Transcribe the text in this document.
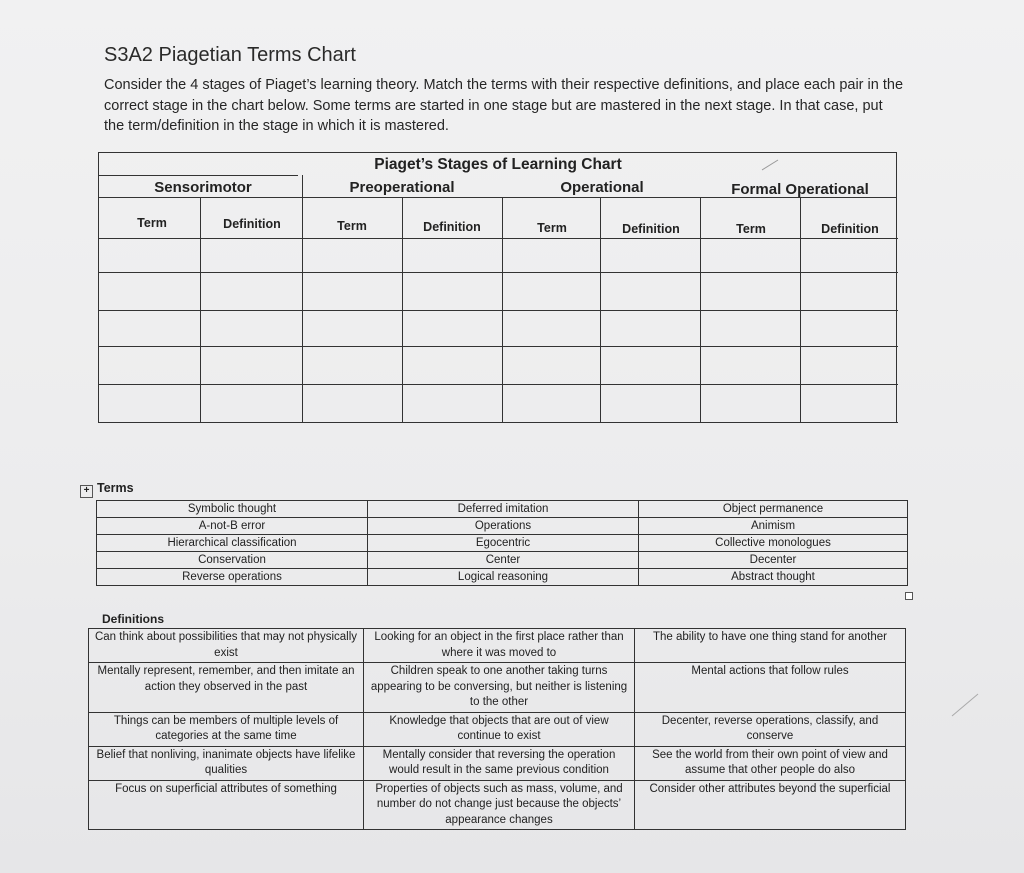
S3A2 Piagetian Terms Chart
Consider the 4 stages of Piaget’s learning theory. Match the terms with their respective definitions, and place each pair in the correct stage in the chart below. Some terms are started in one stage but are mastered in the next stage. In that case, put the term/definition in the stage in which it is mastered.
Piaget’s Stages of Learning Chart
Sensorimotor	Preoperational	Operational	Formal Operational
Term	Definition	Term	Definition	Term	Definition	Term	Definition
+ Terms
Symbolic thought	Deferred imitation	Object permanence
A-not-B error	Operations	Animism
Hierarchical classification	Egocentric	Collective monologues
Conservation	Center	Decenter
Reverse operations	Logical reasoning	Abstract thought
Definitions
Can think about possibilities that may not physically exist	Looking for an object in the first place rather than where it was moved to	The ability to have one thing stand for another
Mentally represent, remember, and then imitate an action they observed in the past	Children speak to one another taking turns appearing to be conversing, but neither is listening to the other	Mental actions that follow rules
Things can be members of multiple levels of categories at the same time	Knowledge that objects that are out of view continue to exist	Decenter, reverse operations, classify, and conserve
Belief that nonliving, inanimate objects have lifelike qualities	Mentally consider that reversing the operation would result in the same previous condition	See the world from their own point of view and assume that other people do also
Focus on superficial attributes of something	Properties of objects such as mass, volume, and number do not change just because the objects’ appearance changes	Consider other attributes beyond the superficial
